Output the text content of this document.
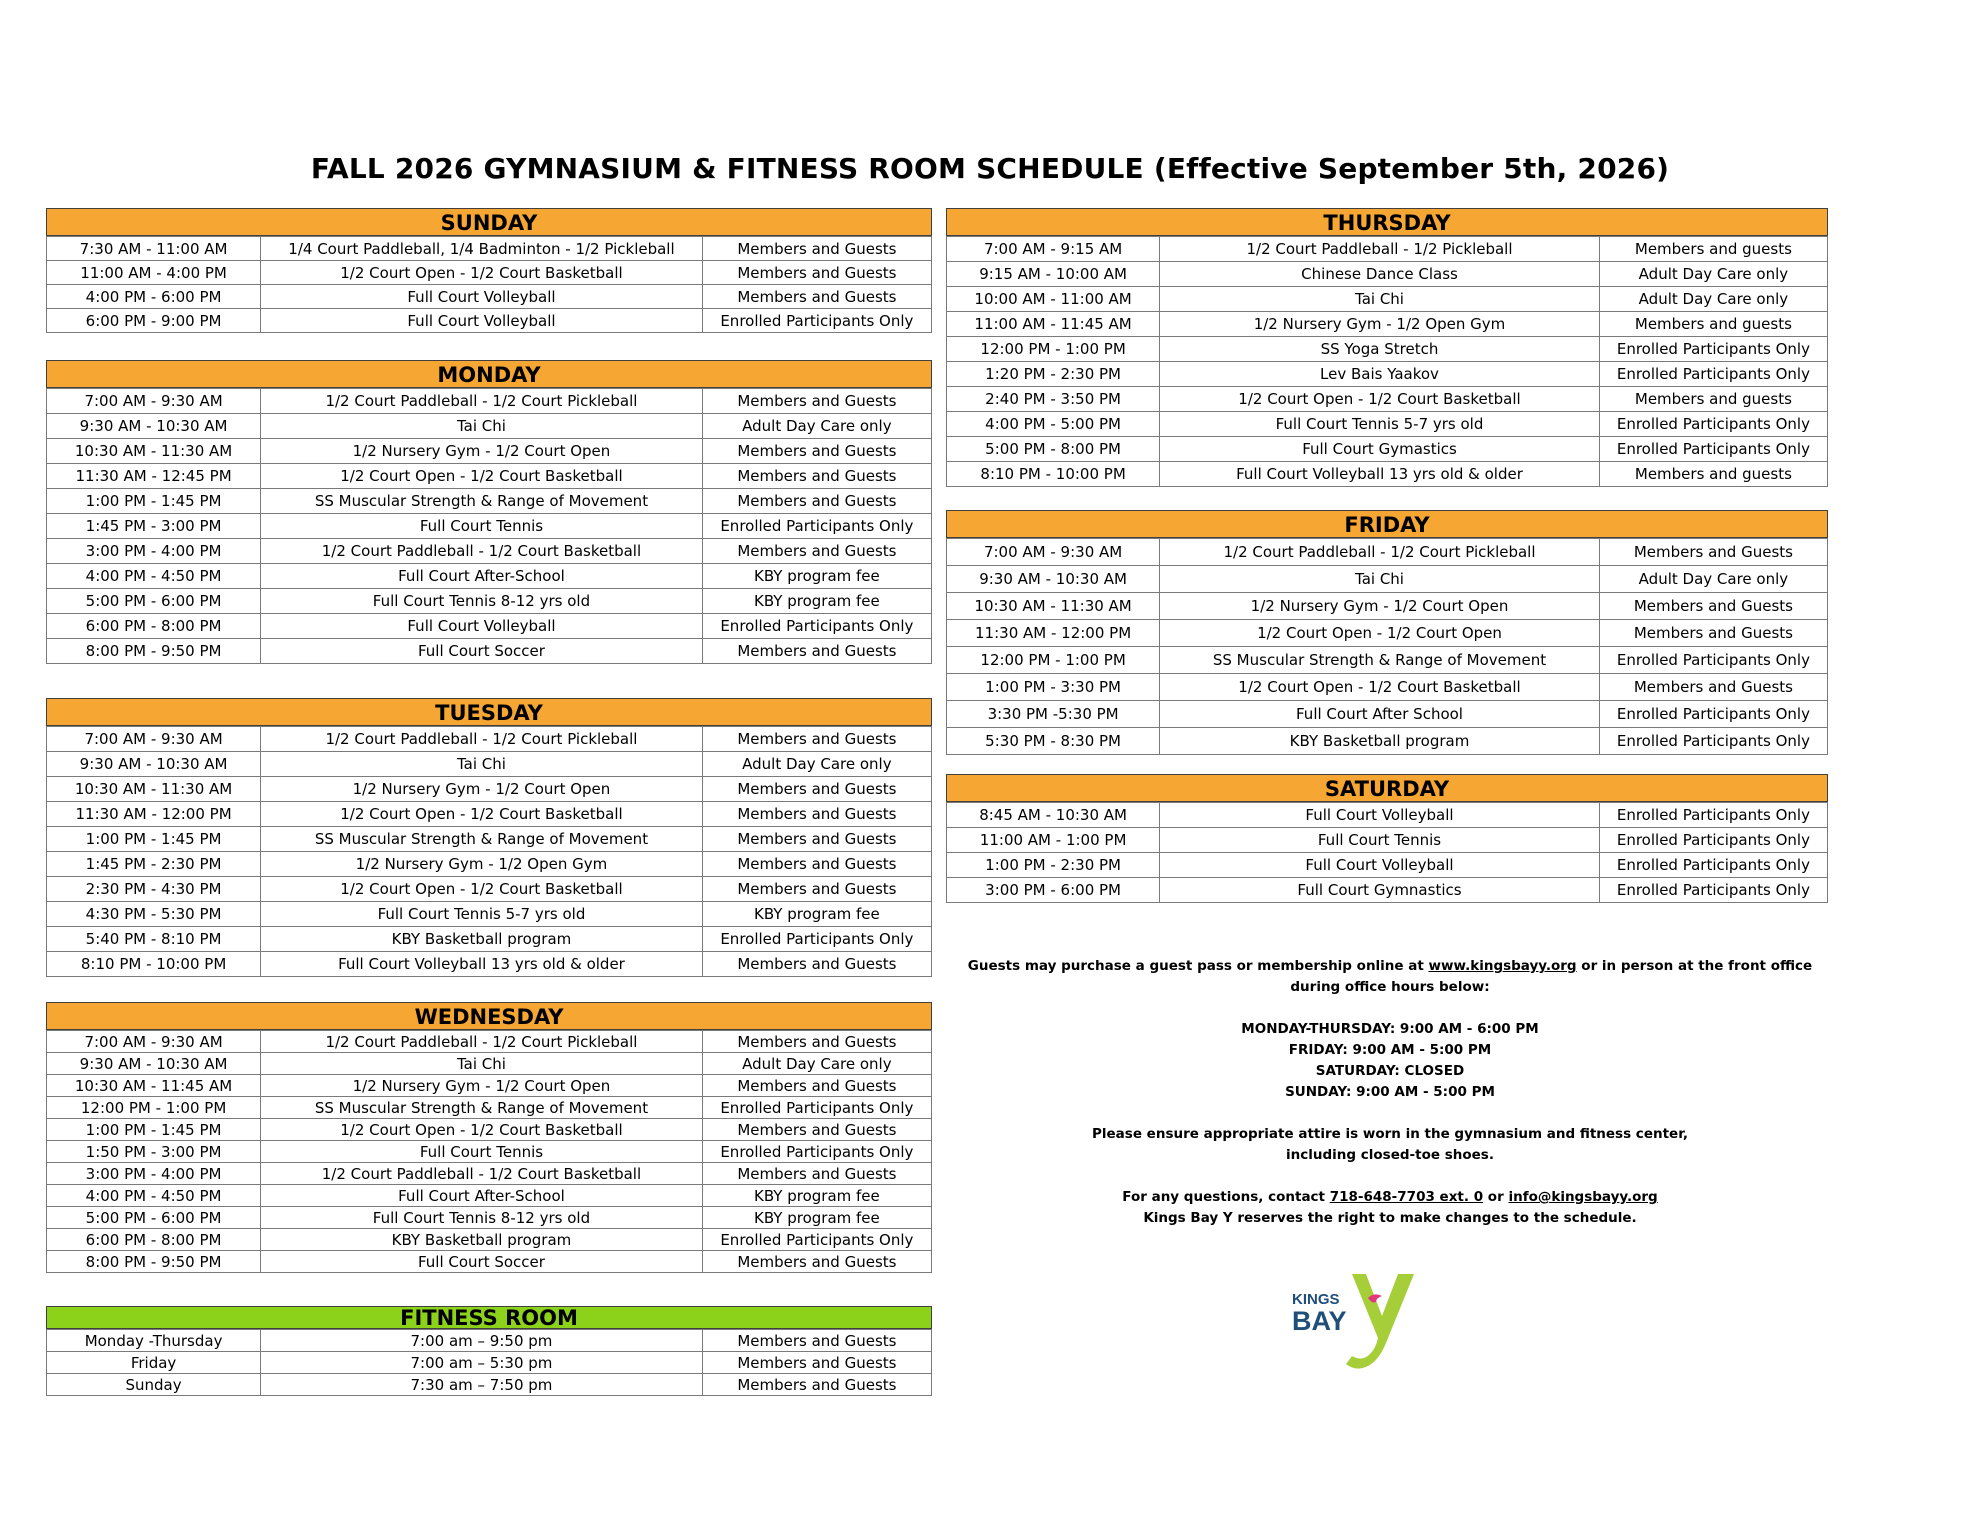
FALL 2026 GYMNASIUM & FITNESS ROOM SCHEDULE (Effective September 5th, 2026)
SUNDAY
7:30 AM - 11:00 AM	1/4 Court Paddleball, 1/4 Badminton - 1/2 Pickleball	Members and Guests
11:00 AM - 4:00 PM	1/2 Court Open - 1/2 Court Basketball	Members and Guests
4:00 PM - 6:00 PM	Full Court Volleyball	Members and Guests
6:00 PM - 9:00 PM	Full Court Volleyball	Enrolled Participants Only
MONDAY
7:00 AM - 9:30 AM	1/2 Court Paddleball - 1/2 Court Pickleball	Members and Guests
9:30 AM - 10:30 AM	Tai Chi	Adult Day Care only
10:30 AM - 11:30 AM	1/2 Nursery Gym - 1/2 Court Open	Members and Guests
11:30 AM - 12:45 PM	1/2 Court Open - 1/2 Court Basketball	Members and Guests
1:00 PM - 1:45 PM	SS Muscular Strength & Range of Movement	Members and Guests
1:45 PM - 3:00 PM	Full Court Tennis	Enrolled Participants Only
3:00 PM - 4:00 PM	1/2 Court Paddleball - 1/2 Court Basketball	Members and Guests
4:00 PM - 4:50 PM	Full Court After-School	KBY program fee
5:00 PM - 6:00 PM	Full Court Tennis 8-12 yrs old	KBY program fee
6:00 PM - 8:00 PM	Full Court Volleyball	Enrolled Participants Only
8:00 PM - 9:50 PM	Full Court Soccer	Members and Guests
TUESDAY
7:00 AM - 9:30 AM	1/2 Court Paddleball - 1/2 Court Pickleball	Members and Guests
9:30 AM - 10:30 AM	Tai Chi	Adult Day Care only
10:30 AM - 11:30 AM	1/2 Nursery Gym - 1/2 Court Open	Members and Guests
11:30 AM - 12:00 PM	1/2 Court Open - 1/2 Court Basketball	Members and Guests
1:00 PM - 1:45 PM	SS Muscular Strength & Range of Movement	Members and Guests
1:45 PM - 2:30 PM	1/2 Nursery Gym - 1/2 Open Gym	Members and Guests
2:30 PM - 4:30 PM	1/2 Court Open - 1/2 Court Basketball	Members and Guests
4:30 PM - 5:30 PM	Full Court Tennis 5-7 yrs old	KBY program fee
5:40 PM - 8:10 PM	KBY Basketball program	Enrolled Participants Only
8:10 PM - 10:00 PM	Full Court Volleyball 13 yrs old & older	Members and Guests
WEDNESDAY
7:00 AM - 9:30 AM	1/2 Court Paddleball - 1/2 Court Pickleball	Members and Guests
9:30 AM - 10:30 AM	Tai Chi	Adult Day Care only
10:30 AM - 11:45 AM	1/2 Nursery Gym - 1/2 Court Open	Members and Guests
12:00 PM - 1:00 PM	SS Muscular Strength & Range of Movement	Enrolled Participants Only
1:00 PM - 1:45 PM	1/2 Court Open - 1/2 Court Basketball	Members and Guests
1:50 PM - 3:00 PM	Full Court Tennis	Enrolled Participants Only
3:00 PM - 4:00 PM	1/2 Court Paddleball - 1/2 Court Basketball	Members and Guests
4:00 PM - 4:50 PM	Full Court After-School	KBY program fee
5:00 PM - 6:00 PM	Full Court Tennis 8-12 yrs old	KBY program fee
6:00 PM - 8:00 PM	KBY Basketball program	Enrolled Participants Only
8:00 PM - 9:50 PM	Full Court Soccer	Members and Guests
FITNESS ROOM
Monday -Thursday	7:00 am – 9:50 pm	Members and Guests
Friday	7:00 am – 5:30 pm	Members and Guests
Sunday	7:30 am – 7:50 pm	Members and Guests
THURSDAY
7:00 AM - 9:15 AM	1/2 Court Paddleball - 1/2 Pickleball	Members and guests
9:15 AM - 10:00 AM	Chinese Dance Class	Adult Day Care only
10:00 AM - 11:00 AM	Tai Chi	Adult Day Care only
11:00 AM - 11:45 AM	1/2 Nursery Gym - 1/2 Open Gym	Members and guests
12:00 PM - 1:00 PM	SS Yoga Stretch	Enrolled Participants Only
1:20 PM - 2:30 PM	Lev Bais Yaakov	Enrolled Participants Only
2:40 PM - 3:50 PM	1/2 Court Open - 1/2 Court Basketball	Members and guests
4:00 PM - 5:00 PM	Full Court Tennis 5-7 yrs old	Enrolled Participants Only
5:00 PM - 8:00 PM	Full Court Gymastics	Enrolled Participants Only
8:10 PM - 10:00 PM	Full Court Volleyball 13 yrs old & older	Members and guests
FRIDAY
7:00 AM - 9:30 AM	1/2 Court Paddleball - 1/2 Court Pickleball	Members and Guests
9:30 AM - 10:30 AM	Tai Chi	Adult Day Care only
10:30 AM - 11:30 AM	1/2 Nursery Gym - 1/2 Court Open	Members and Guests
11:30 AM - 12:00 PM	1/2 Court Open - 1/2 Court Open	Members and Guests
12:00 PM - 1:00 PM	SS Muscular Strength & Range of Movement	Enrolled Participants Only
1:00 PM - 3:30 PM	1/2 Court Open - 1/2 Court Basketball	Members and Guests
3:30 PM -5:30 PM	Full Court After School	Enrolled Participants Only
5:30 PM - 8:30 PM	KBY Basketball program	Enrolled Participants Only
SATURDAY
8:45 AM - 10:30 AM	Full Court Volleyball	Enrolled Participants Only
11:00 AM - 1:00 PM	Full Court Tennis	Enrolled Participants Only
1:00 PM - 2:30 PM	Full Court Volleyball	Enrolled Participants Only
3:00 PM - 6:00 PM	Full Court Gymnastics	Enrolled Participants Only

Guests may purchase a guest pass or membership online at www.kingsbayy.org or in person at the front office during office hours below:

MONDAY-THURSDAY: 9:00 AM - 6:00 PM

FRIDAY: 9:00 AM - 5:00 PM

SATURDAY: CLOSED

SUNDAY: 9:00 AM - 5:00 PM

Please ensure appropriate attire is worn in the gymnasium and fitness center,

including closed-toe shoes.

For any questions, contact 718-648-7703 ext. 0 or info@kingsbayy.org

Kings Bay Y reserves the right to make changes to the schedule.

KINGS
BAY
